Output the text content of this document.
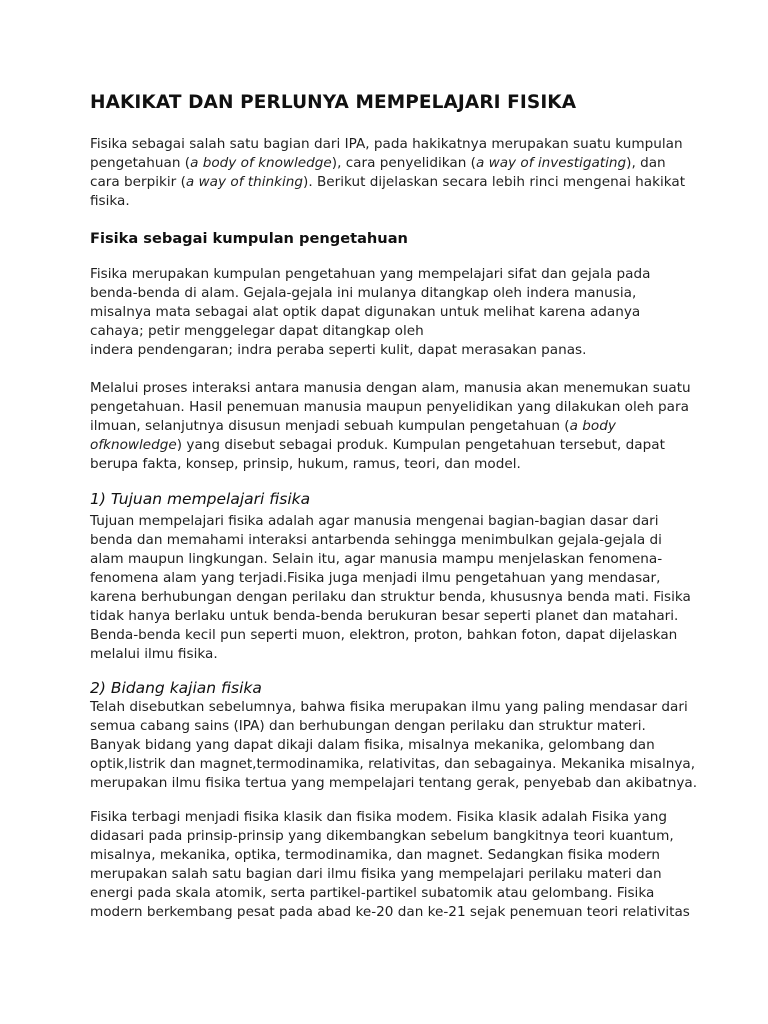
HAKIKAT DAN PERLUNYA MEMPELAJARI FISIKA
Fisika sebagai salah satu bagian dari IPA, pada hakikatnya merupakan suatu kumpulan
pengetahuan (a body of knowledge), cara penyelidikan (a way of investigating), dan
cara berpikir (a way of thinking). Berikut dijelaskan secara lebih rinci mengenai hakikat
fisika.
Fisika sebagai kumpulan pengetahuan
Fisika merupakan kumpulan pengetahuan yang mempelajari sifat dan gejala pada
benda-benda di alam. Gejala-gejala ini mulanya ditangkap oleh indera manusia,
misalnya mata sebagai alat optik dapat digunakan untuk melihat karena adanya
cahaya; petir menggelegar dapat ditangkap oleh
indera pendengaran; indra peraba seperti kulit, dapat merasakan panas.
Melalui proses interaksi antara manusia dengan alam, manusia akan menemukan suatu
pengetahuan. Hasil penemuan manusia maupun penyelidikan yang dilakukan oleh para
ilmuan, selanjutnya disusun menjadi sebuah kumpulan pengetahuan (a body
ofknowledge) yang disebut sebagai produk. Kumpulan pengetahuan tersebut, dapat
berupa fakta, konsep, prinsip, hukum, ramus, teori, dan model.
1) Tujuan mempelajari fisika
Tujuan mempelajari fisika adalah agar manusia mengenai bagian-bagian dasar dari
benda dan memahami interaksi antarbenda sehingga menimbulkan gejala-gejala di
alam maupun lingkungan. Selain itu, agar manusia mampu menjelaskan fenomena-
fenomena alam yang terjadi.Fisika juga menjadi ilmu pengetahuan yang mendasar,
karena berhubungan dengan perilaku dan struktur benda, khususnya benda mati. Fisika
tidak hanya berlaku untuk benda-benda berukuran besar seperti planet dan matahari.
Benda-benda kecil pun seperti muon, elektron, proton, bahkan foton, dapat dijelaskan
melalui ilmu fisika.
2) Bidang kajian fisika
Telah disebutkan sebelumnya, bahwa fisika merupakan ilmu yang paling mendasar dari
semua cabang sains (IPA) dan berhubungan dengan perilaku dan struktur materi.
Banyak bidang yang dapat dikaji dalam fisika, misalnya mekanika, gelombang dan
optik,listrik dan magnet,termodinamika, relativitas, dan sebagainya. Mekanika misalnya,
merupakan ilmu fisika tertua yang mempelajari tentang gerak, penyebab dan akibatnya.
Fisika terbagi menjadi fisika klasik dan fisika modem. Fisika klasik adalah Fisika yang
didasari pada prinsip-prinsip yang dikembangkan sebelum bangkitnya teori kuantum,
misalnya, mekanika, optika, termodinamika, dan magnet. Sedangkan fisika modern
merupakan salah satu bagian dari ilmu fisika yang mempelajari perilaku materi dan
energi pada skala atomik, serta partikel-partikel subatomik atau gelombang. Fisika
modern berkembang pesat pada abad ke-20 dan ke-21 sejak penemuan teori relativitas
